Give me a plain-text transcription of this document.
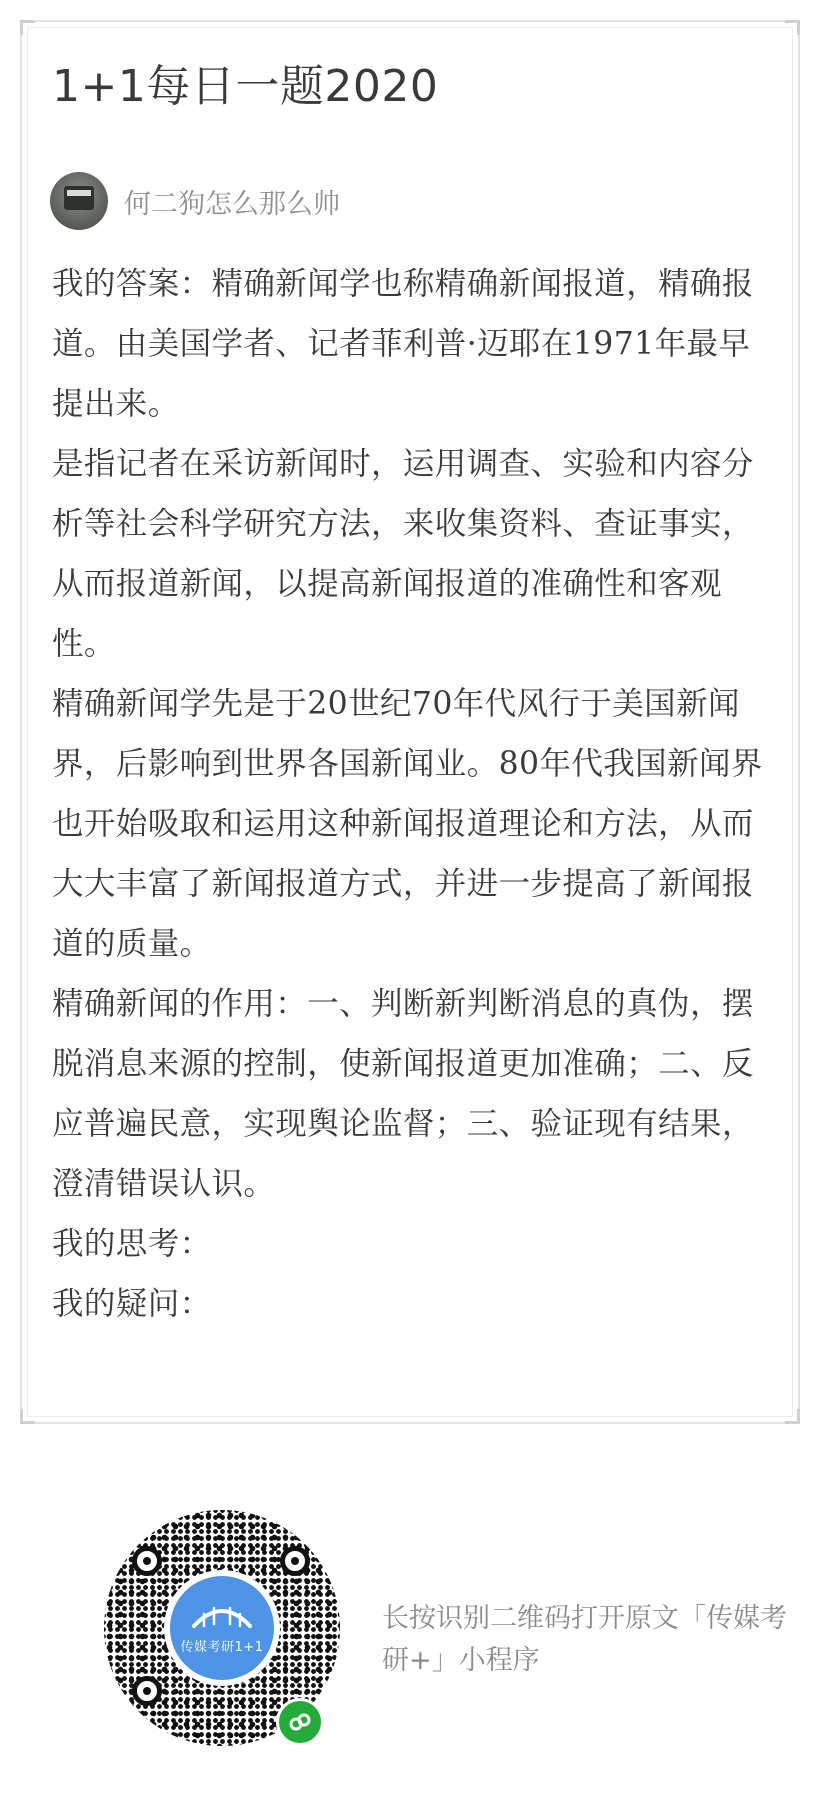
1+1每日一题2020
何二狗怎么那么帅

我的答案：精确新闻学也称精确新闻报道，精确报道。由美国学者、记者菲利普·迈耶在1971年最早提出来。

是指记者在采访新闻时，运用调查、实验和内容分析等社会科学研究方法，来收集资料、查证事实，从而报道新闻，以提高新闻报道的准确性和客观性。

精确新闻学先是于20世纪70年代风行于美国新闻界，后影响到世界各国新闻业。80年代我国新闻界也开始吸取和运用这种新闻报道理论和方法，从而大大丰富了新闻报道方式，并进一步提高了新闻报道的质量。

精确新闻的作用：一、判断新判断消息的真伪，摆脱消息来源的控制，使新闻报道更加准确；二、反应普遍民意，实现舆论监督；三、验证现有结果，澄清错误认识。

我的思考：

我的疑问：

传媒考研1+1

长按识别二维码打开原文「传媒考研+」小程序
